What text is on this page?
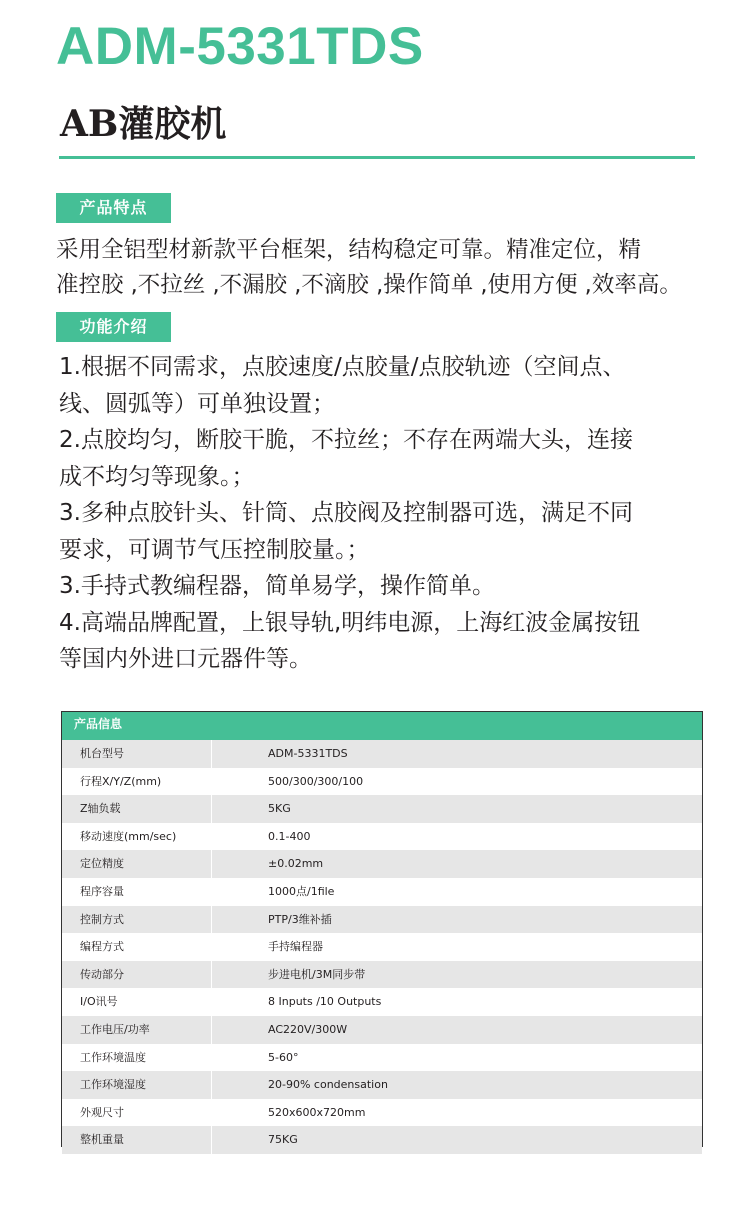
ADM-5331TDS
AB灌胶机
产品特点

采用全铝型材新款平台框架，结构稳定可靠。精准定位，精
准控胶 ,不拉丝 ,不漏胶 ,不滴胶 ,操作简单 ,使用方便 ,效率高。

功能介绍

1.根据不同需求，点胶速度/点胶量/点胶轨迹（空间点、

线、圆弧等）可单独设置；

2.点胶均匀，断胶干脆，不拉丝；不存在两端大头，连接

成不均匀等现象。；

3.多种点胶针头、针筒、点胶阀及控制器可选，满足不同

要求，可调节气压控制胶量。；

3.手持式教编程器，简单易学，操作简单。

4.高端品牌配置，上银导轨,明纬电源，上海红波金属按钮

等国内外进口元器件等。

产品信息
机台型号	ADM-5331TDS
行程X/Y/Z(mm)	500/300/300/100
Z轴负载	5KG
移动速度(mm/sec)	0.1-400
定位精度	±0.02mm
程序容量	1000点/1file
控制方式	PTP/3维补插
编程方式	手持编程器
传动部分	步进电机/3M同步带
I/O讯号	8 Inputs /10 Outputs
工作电压/功率	AC220V/300W
工作环境温度	5-60°
工作环境湿度	20-90% condensation
外观尺寸	520x600x720mm
整机重量	75KG
